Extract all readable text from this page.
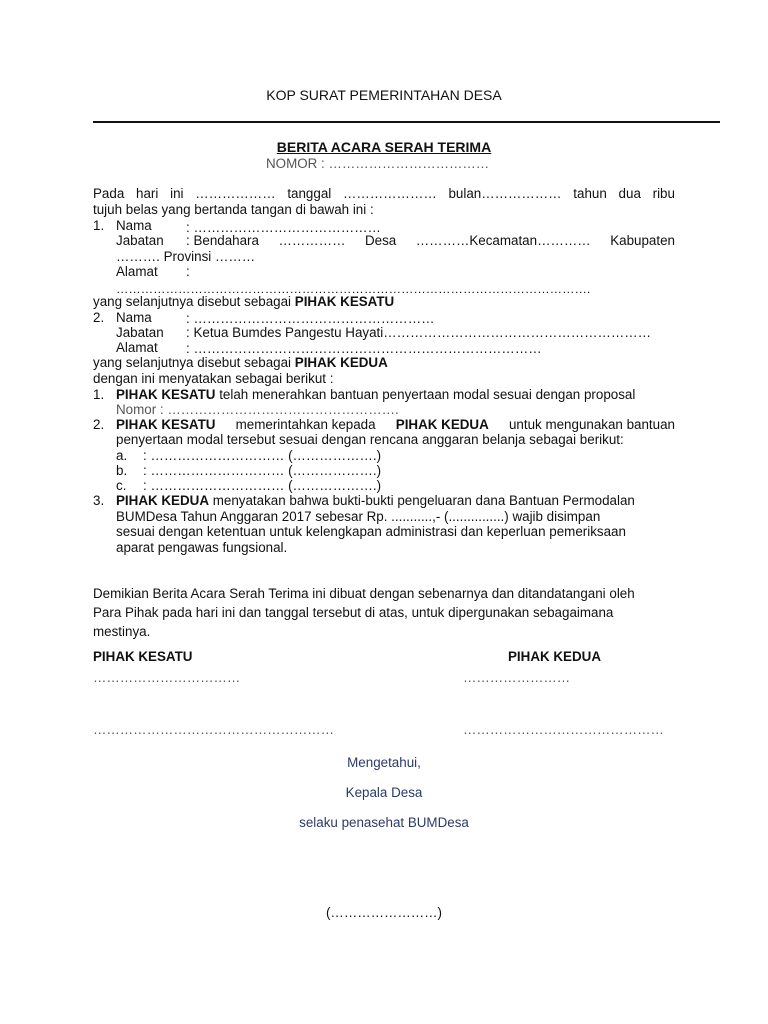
KOP SURAT PEMERINTAHAN DESA
BERITA ACARA SERAH TERIMA
NOMOR : ………………………………
Pada hari ini ……………… tanggal ………………… bulan……………… tahun dua ribu
tujuh belas yang bertanda tangan di bawah ini :
1. Nama	: ……………………………………
Jabatan : Bendahara …………… Desa …………Kecamatan………… Kabupaten
………. Provinsi ………
Alamat :
…………………………………………………………………………………………………….
yang selanjutnya disebut sebagai PIHAK KESATU
2. Nama	: ………………………………………………
Jabatan : Ketua Bumdes Pangestu Hayati……………………………………………………
Alamat : ……………………………………………………………………
yang selanjutnya disebut sebagai PIHAK KEDUA
dengan ini menyatakan sebagai berikut :
1. PIHAK KESATU telah menerahkan bantuan penyertaan modal sesuai dengan proposal
Nomor : …………………………………………….
2. PIHAK KESATU memerintahkan kepada PIHAK KEDUA untuk mengunakan bantuan
penyertaan modal tersebut sesuai dengan rencana anggaran belanja sebagai berikut:
a. : ………………………… (……………….)
b. : ………………………… (……………….)
c. : ………………………… (……………….)
3. PIHAK KEDUA menyatakan bahwa bukti-bukti pengeluaran dana Bantuan Permodalan
BUMDesa Tahun Anggaran 2017 sebesar Rp. ...........,- (...............) wajib disimpan
sesuai dengan ketentuan untuk kelengkapan administrasi dan keperluan pemeriksaan
aparat pengawas fungsional.
Demikian Berita Acara Serah Terima ini dibuat dengan sebenarnya dan ditandatangani oleh
Para Pihak pada hari ini dan tanggal tersebut di atas, untuk dipergunakan sebagaimana
mestinya.
PIHAK KESATU	PIHAK KEDUA
……………………………	……………………
………………………………………………	………………………………………
Mengetahui,
Kepala Desa
selaku penasehat BUMDesa
(……………………)
